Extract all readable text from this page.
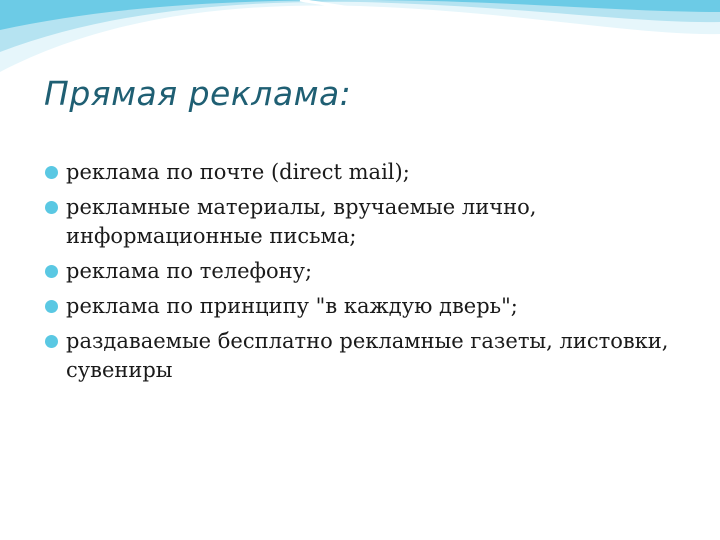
Прямая реклама:
реклама по почте (direct mail);
рекламные материалы, вручаемые лично, информационные письма;
реклама по телефону;
реклама по принципу "в каждую дверь";
раздаваемые бесплатно рекламные газеты, листовки, сувениры
